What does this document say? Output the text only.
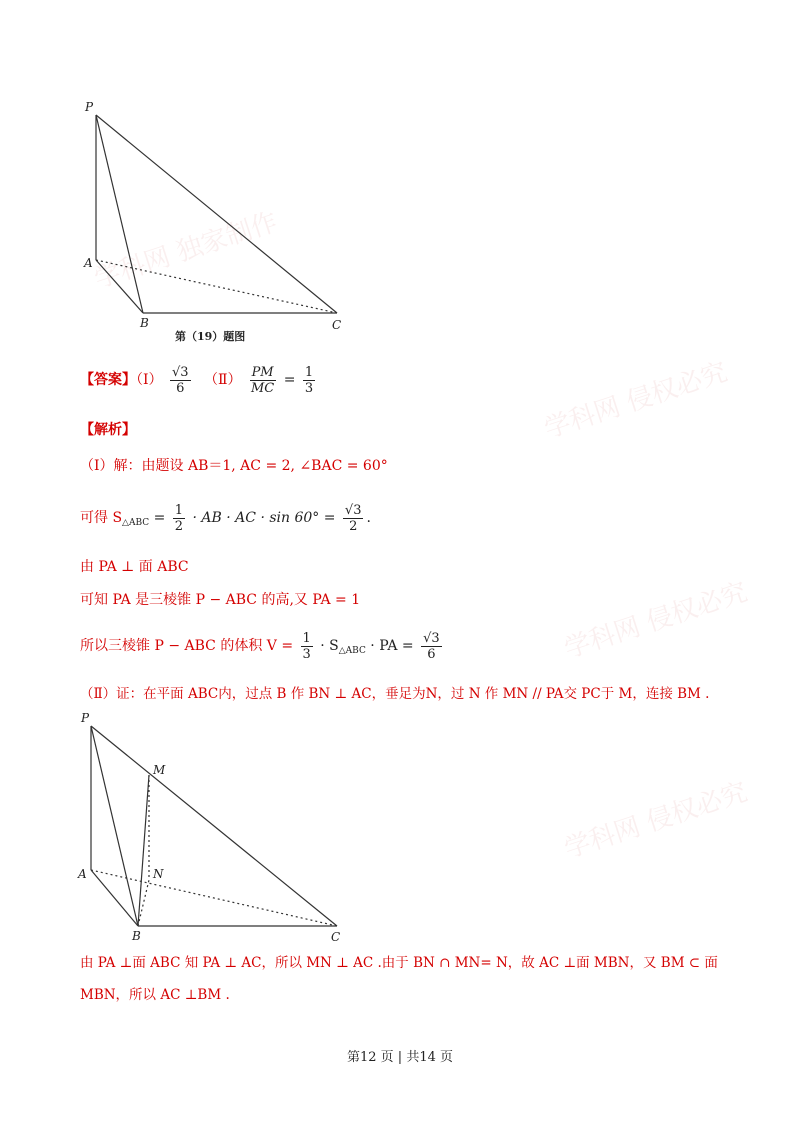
学科网 独家制作
学科网 侵权必究
学科网 侵权必究
学科网 侵权必究
P
A
B	C
第（19）题图
【答案】（Ⅰ） $\frac{√3}{6}$ （Ⅱ） $\frac{PM}{MC} = \frac{1}{3}$
【解析】
（Ⅰ）解：由题设 AB＝1, AC = 2, ∠BAC = 60°
可得 $S_{\triangle ABC} = \frac{1}{2}$ · AB · AC · $\sin 60^\circ = \frac{√3}{2}$ .
由 PA ⊥ 面 ABC
可知 PA 是三棱锥 P − ABC 的高,又 PA = 1
所以三棱锥 P − ABC 的体积 $V = \frac{1}{3} \cdot S_{\triangle ABC}$ · PA = $\frac{√3}{6}$
（Ⅱ）证：在平面 ABC内，过点 B 作 BN ⊥ AC，垂足为N，过 N 作 MN // PA交 PC于 M，连接 BM .
P
M
A	N
B	C
由 PA ⊥面 ABC 知 PA ⊥ AC，所以 MN ⊥ AC .由于 BN ∩ MN= N，故 AC ⊥面 MBN，又 BM ⊂ 面
MBN，所以 AC ⊥BM .
第12 页 | 共14 页
